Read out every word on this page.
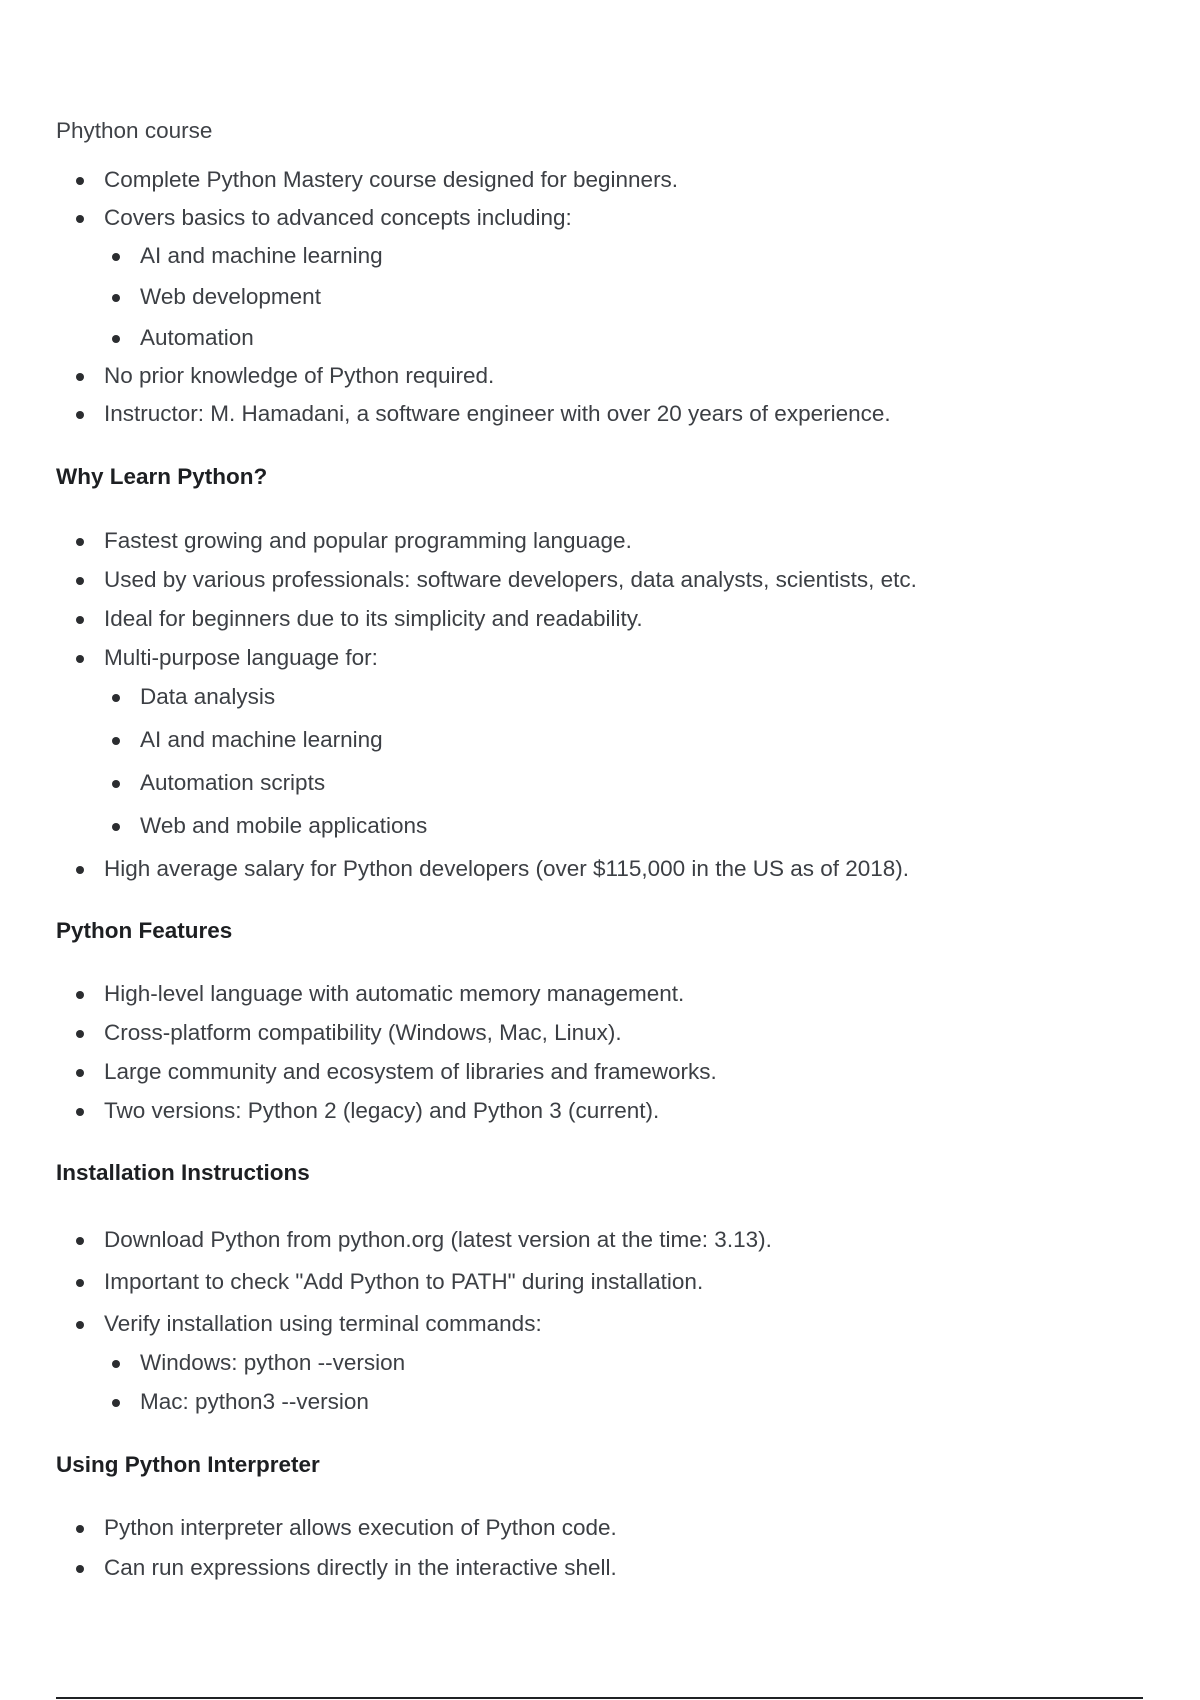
Phython course
Complete Python Mastery course designed for beginners.
Covers basics to advanced concepts including:
AI and machine learning
Web development
Automation
No prior knowledge of Python required.
Instructor: M. Hamadani, a software engineer with over 20 years of experience.
Why Learn Python?
Fastest growing and popular programming language.
Used by various professionals: software developers, data analysts, scientists, etc.
Ideal for beginners due to its simplicity and readability.
Multi-purpose language for:
Data analysis
AI and machine learning
Automation scripts
Web and mobile applications
High average salary for Python developers (over $115,000 in the US as of 2018).
Python Features
High-level language with automatic memory management.
Cross-platform compatibility (Windows, Mac, Linux).
Large community and ecosystem of libraries and frameworks.
Two versions: Python 2 (legacy) and Python 3 (current).
Installation Instructions
Download Python from python.org (latest version at the time: 3.13).
Important to check "Add Python to PATH" during installation.
Verify installation using terminal commands:
Windows: python --version
Mac: python3 --version
Using Python Interpreter
Python interpreter allows execution of Python code.
Can run expressions directly in the interactive shell.
